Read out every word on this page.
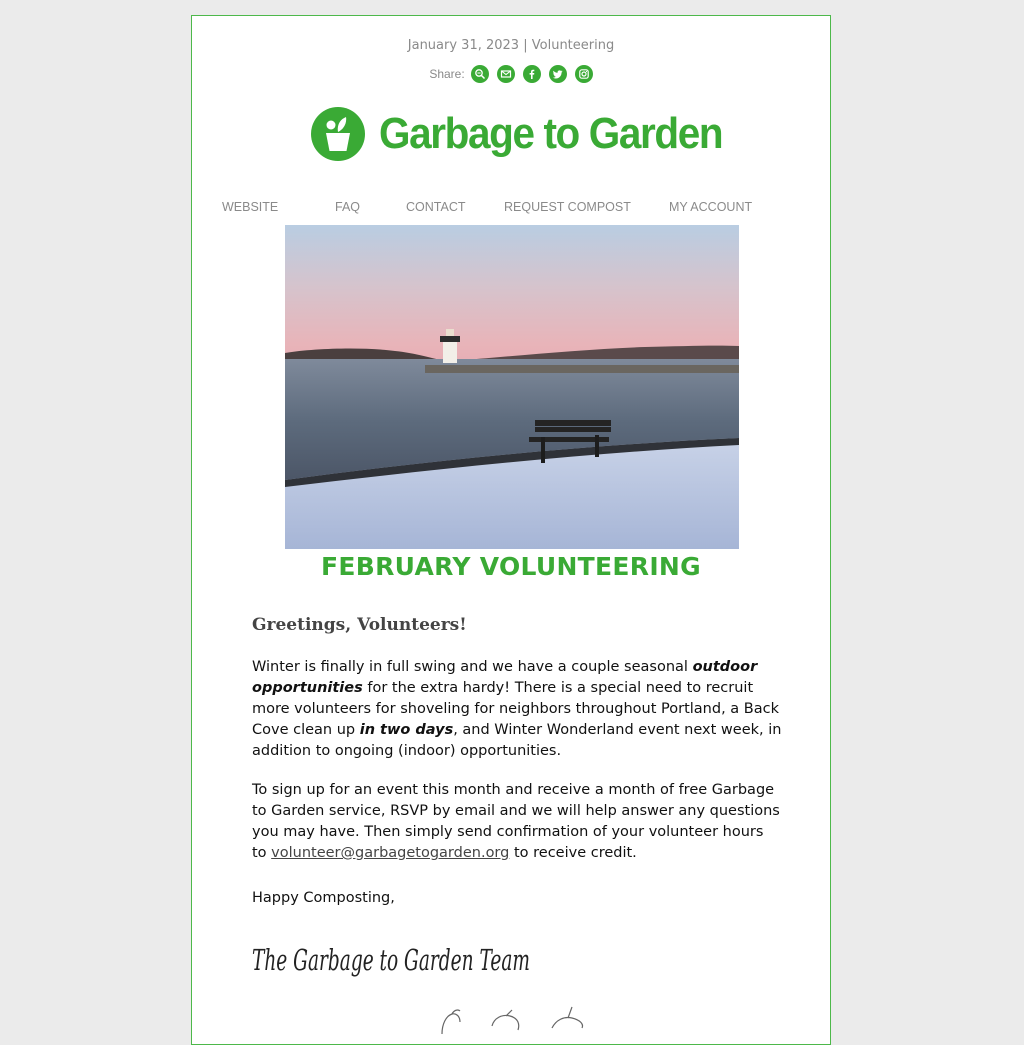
January 31, 2023 | Volunteering
Share:
Garbage to Garden
WEBSITE	FAQ	CONTACT	REQUEST COMPOST	MY ACCOUNT
FEBRUARY VOLUNTEERING

Greetings, Volunteers!

Winter is finally in full swing and we have a couple seasonal outdoor opportunities for the extra hardy! There is a special need to recruit more volunteers for shoveling for neighbors throughout Portland, a Back Cove clean up in two days, and Winter Wonderland event next week, in addition to ongoing (indoor) opportunities.

To sign up for an event this month and receive a month of free Garbage to Garden service, RSVP by email and we will help answer any questions you may have. Then simply send confirmation of your volunteer hours to volunteer@garbagetogarden.org to receive credit.

Happy Composting,

The Garbage to Garden Team
